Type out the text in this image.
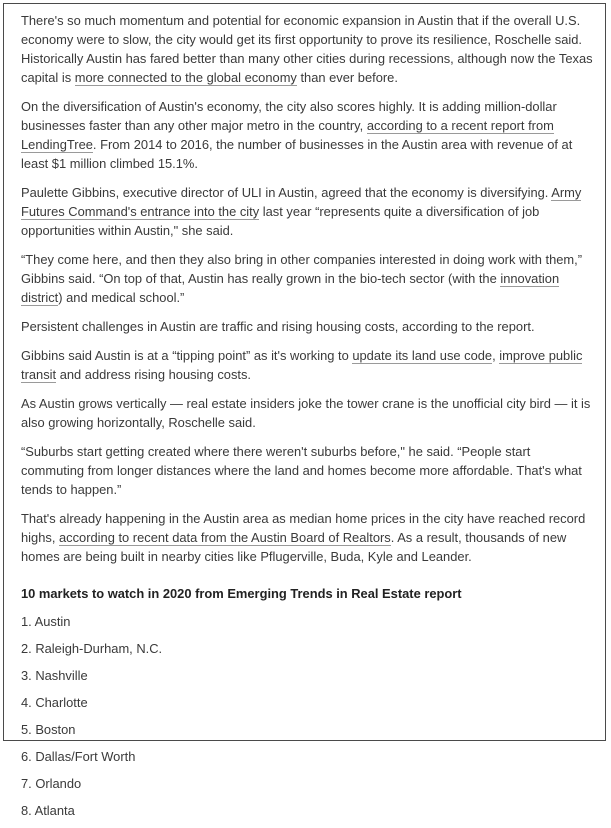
There's so much momentum and potential for economic expansion in Austin that if the overall U.S. economy were to slow, the city would get its first opportunity to prove its resilience, Roschelle said. Historically Austin has fared better than many other cities during recessions, although now the Texas capital is more connected to the global economy than ever before.

On the diversification of Austin's economy, the city also scores highly. It is adding million-dollar businesses faster than any other major metro in the country, according to a recent report from LendingTree. From 2014 to 2016, the number of businesses in the Austin area with revenue of at least $1 million climbed 15.1%.

Paulette Gibbins, executive director of ULI in Austin, agreed that the economy is diversifying. Army Futures Command's entrance into the city last year “represents quite a diversification of job opportunities within Austin," she said.

“They come here, and then they also bring in other companies interested in doing work with them,” Gibbins said. “On top of that, Austin has really grown in the bio-tech sector (with the innovation district) and medical school.”

Persistent challenges in Austin are traffic and rising housing costs, according to the report.

Gibbins said Austin is at a “tipping point” as it's working to update its land use code, improve public transit and address rising housing costs.

As Austin grows vertically — real estate insiders joke the tower crane is the unofficial city bird — it is also growing horizontally, Roschelle said.

“Suburbs start getting created where there weren't suburbs before," he said. “People start commuting from longer distances where the land and homes become more affordable. That's what tends to happen.”

That's already happening in the Austin area as median home prices in the city have reached record highs, according to recent data from the Austin Board of Realtors. As a result, thousands of new homes are being built in nearby cities like Pflugerville, Buda, Kyle and Leander.

10 markets to watch in 2020 from Emerging Trends in Real Estate report
1. Austin
2. Raleigh-Durham, N.C.
3. Nashville
4. Charlotte
5. Boston
6. Dallas/Fort Worth
7. Orlando
8. Atlanta
